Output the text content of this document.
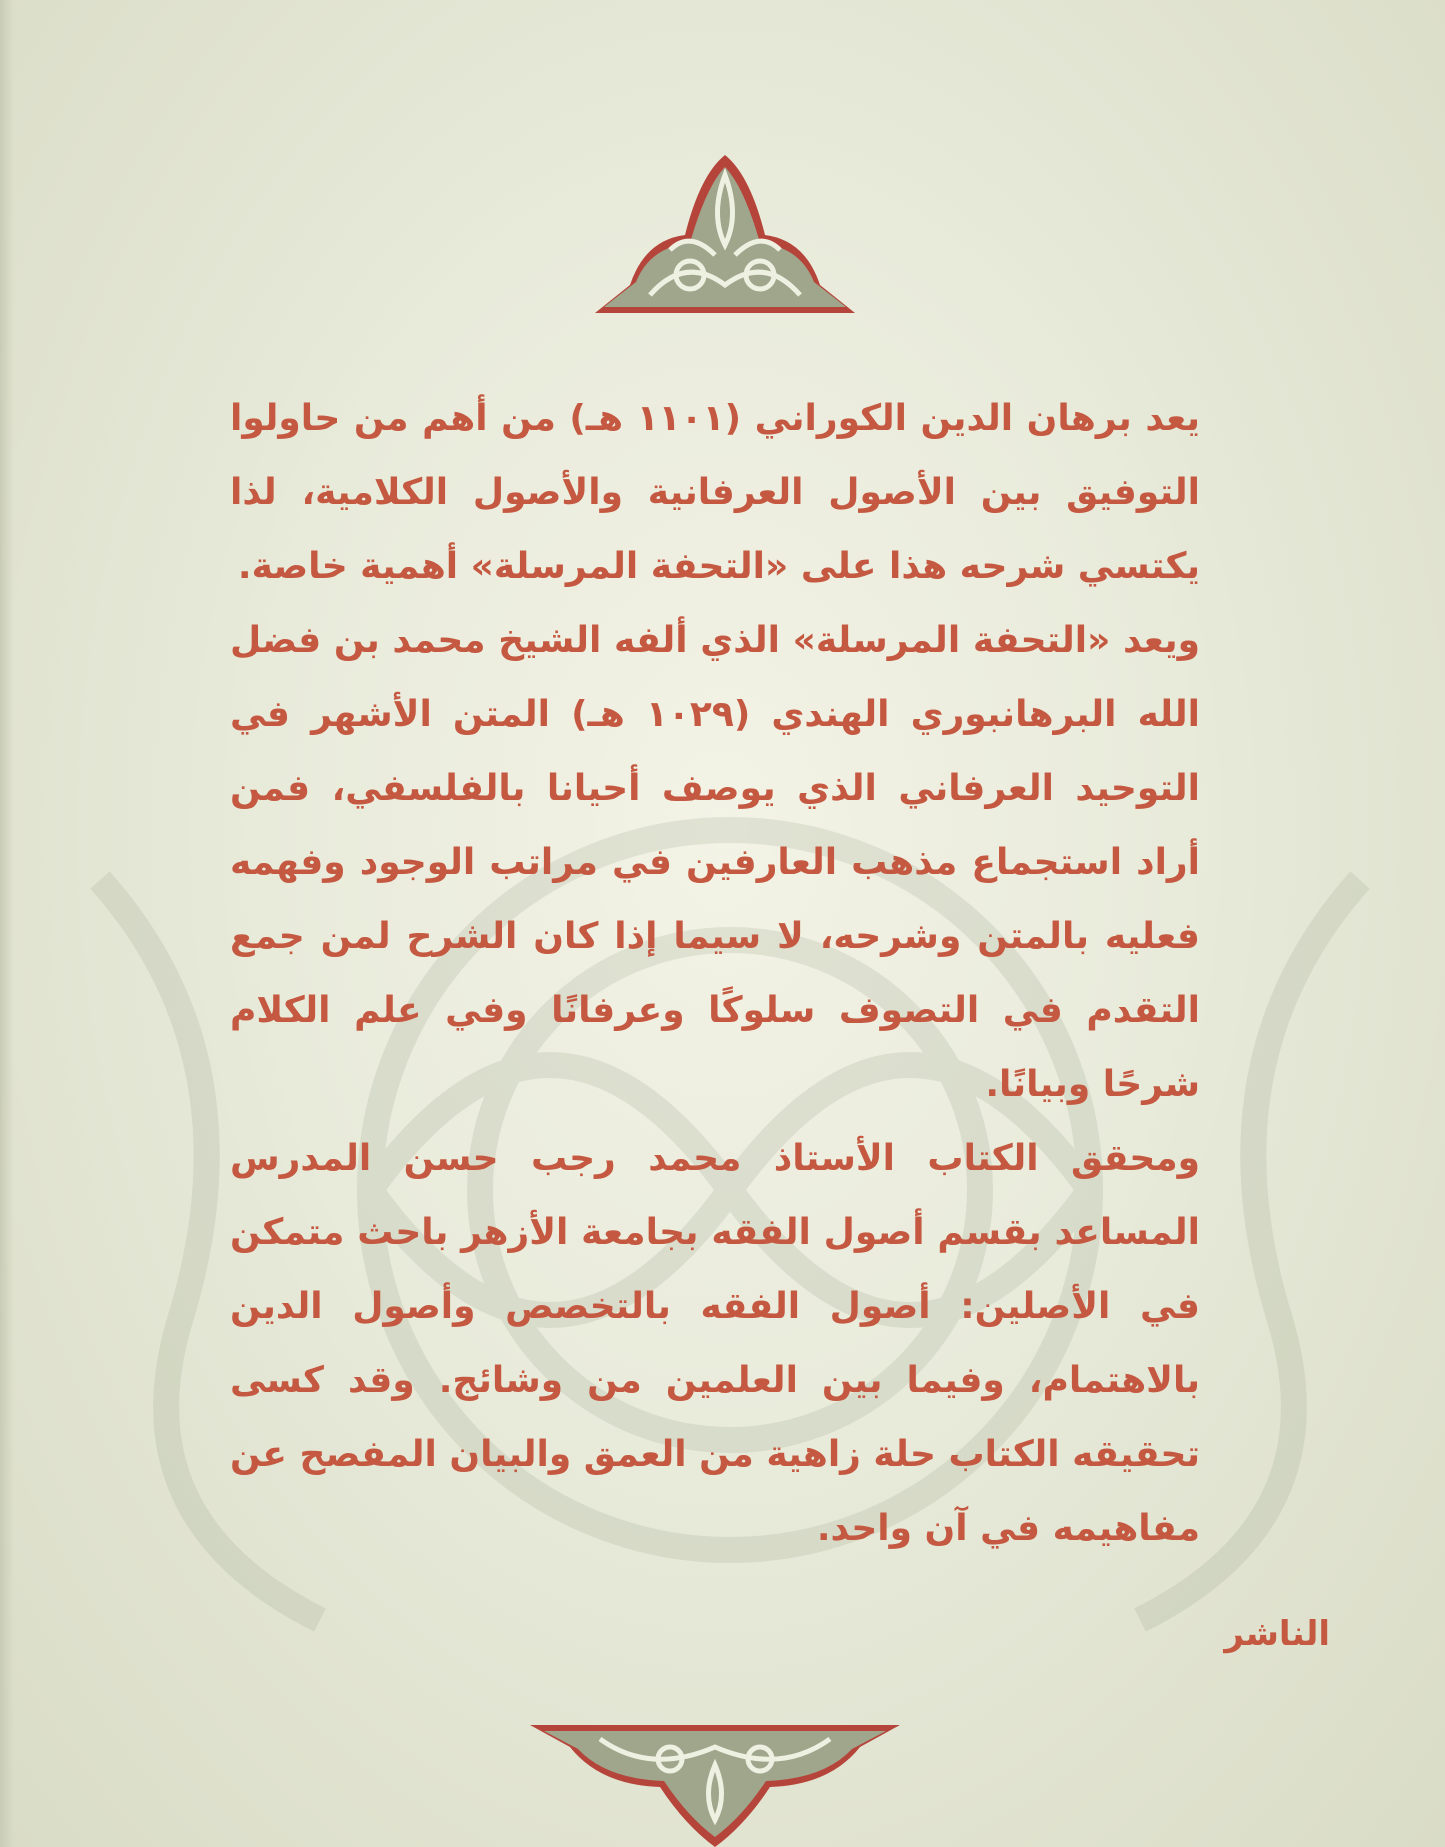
يعد برهان الدين الكوراني (١١٠١ هـ) من أهم من حاولوا التوفيق بين الأصول العرفانية والأصول الكلامية، لذا يكتسي شرحه هذا على «التحفة المرسلة» أهمية خاصة.

ويعد «التحفة المرسلة» الذي ألفه الشيخ محمد بن فضل الله البرهانبوري الهندي (١٠٢٩ هـ) المتن الأشهر في التوحيد العرفاني الذي يوصف أحيانا بالفلسفي، فمن أراد استجماع مذهب العارفين في مراتب الوجود وفهمه فعليه بالمتن وشرحه، لا سيما إذا كان الشرح لمن جمع التقدم في التصوف سلوكًا وعرفانًا وفي علم الكلام شرحًا وبيانًا.

ومحقق الكتاب الأستاذ محمد رجب حسن المدرس المساعد بقسم أصول الفقه بجامعة الأزهر باحث متمكن في الأصلين: أصول الفقه بالتخصص وأصول الدين بالاهتمام، وفيما بين العلمين من وشائج. وقد كسى تحقيقه الكتاب حلة زاهية من العمق والبيان المفصح عن مفاهيمه في آن واحد.

الناشر
